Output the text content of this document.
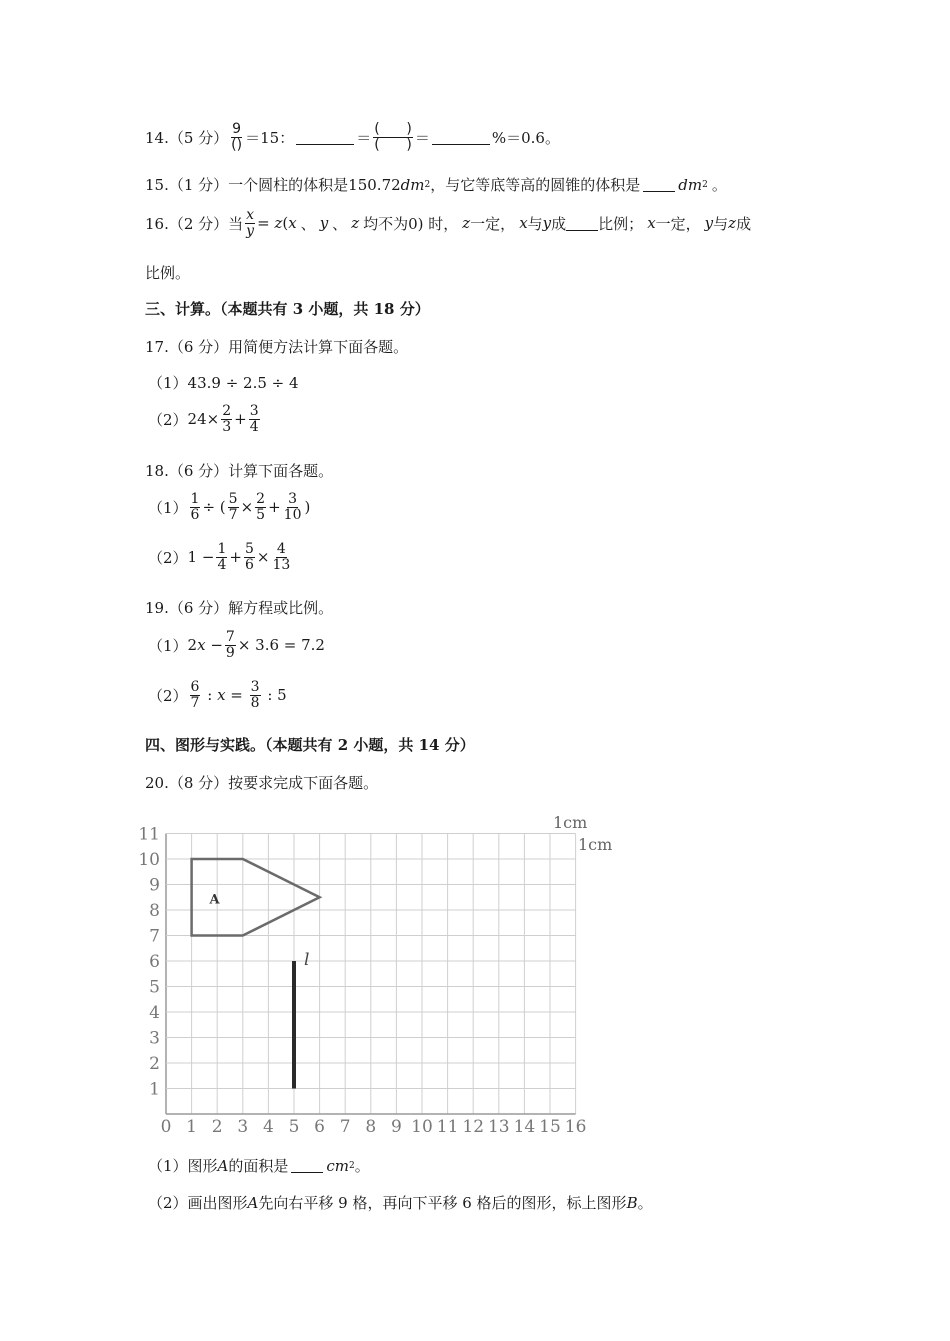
14.（5 分） $\frac{9}{()} =15$：	＝ $\frac{( )}{( )}$ ＝	%＝0.6。
15.（1 分）一个圆柱的体积是 150.72 dm 2 ，与它等底等高的圆锥的体积是	dm 2 。
16.（2 分）当 $\frac{x}{y} = z$ ( x 、 y 、 z 均不为0) 时， z 一定， x 与 y 成 比例； x 一定， y 与 z 成
比例。
三、计算。（本题共有 3 小题，共 18 分）
17.（6 分）用简便方法计算下面各题。
（1） 43.9 ÷ 2.5 ÷ 4
（2） $24\times \frac{2}{3} + \frac{3}{4}$
18.（6 分）计算下面各题。
$(1) \frac{1}{6}$ ÷ ( $\frac{5}{7} \times \frac{2}{5} + \frac{3}{10}$ )
（2） $1 - \frac{1}{4} + \frac{5}{6} \times \frac{4}{13}$
19.（6 分）解方程或比例。
（1） 2 $x - \frac{7}{9} \times 3.6 = 7.2$
$(2) \frac{6}{7}$ : $x = \frac{3}{8}$ : 5
四、图形与实践。（本题共有 2 小题，共 14 分）
20.（8 分）按要求完成下面各题。
0 1 2 3 4 5 6 7 8 9 10 11 12 13 14 15 16
1
2
3
4
5
6
7
8
9
10
11
1cm
1cm
A
l
（1）图形 A 的面积是	cm 2 。
（2）画出图形 A 先向右平移 9 格，再向下平移 6 格后的图形，标上图形 B 。
